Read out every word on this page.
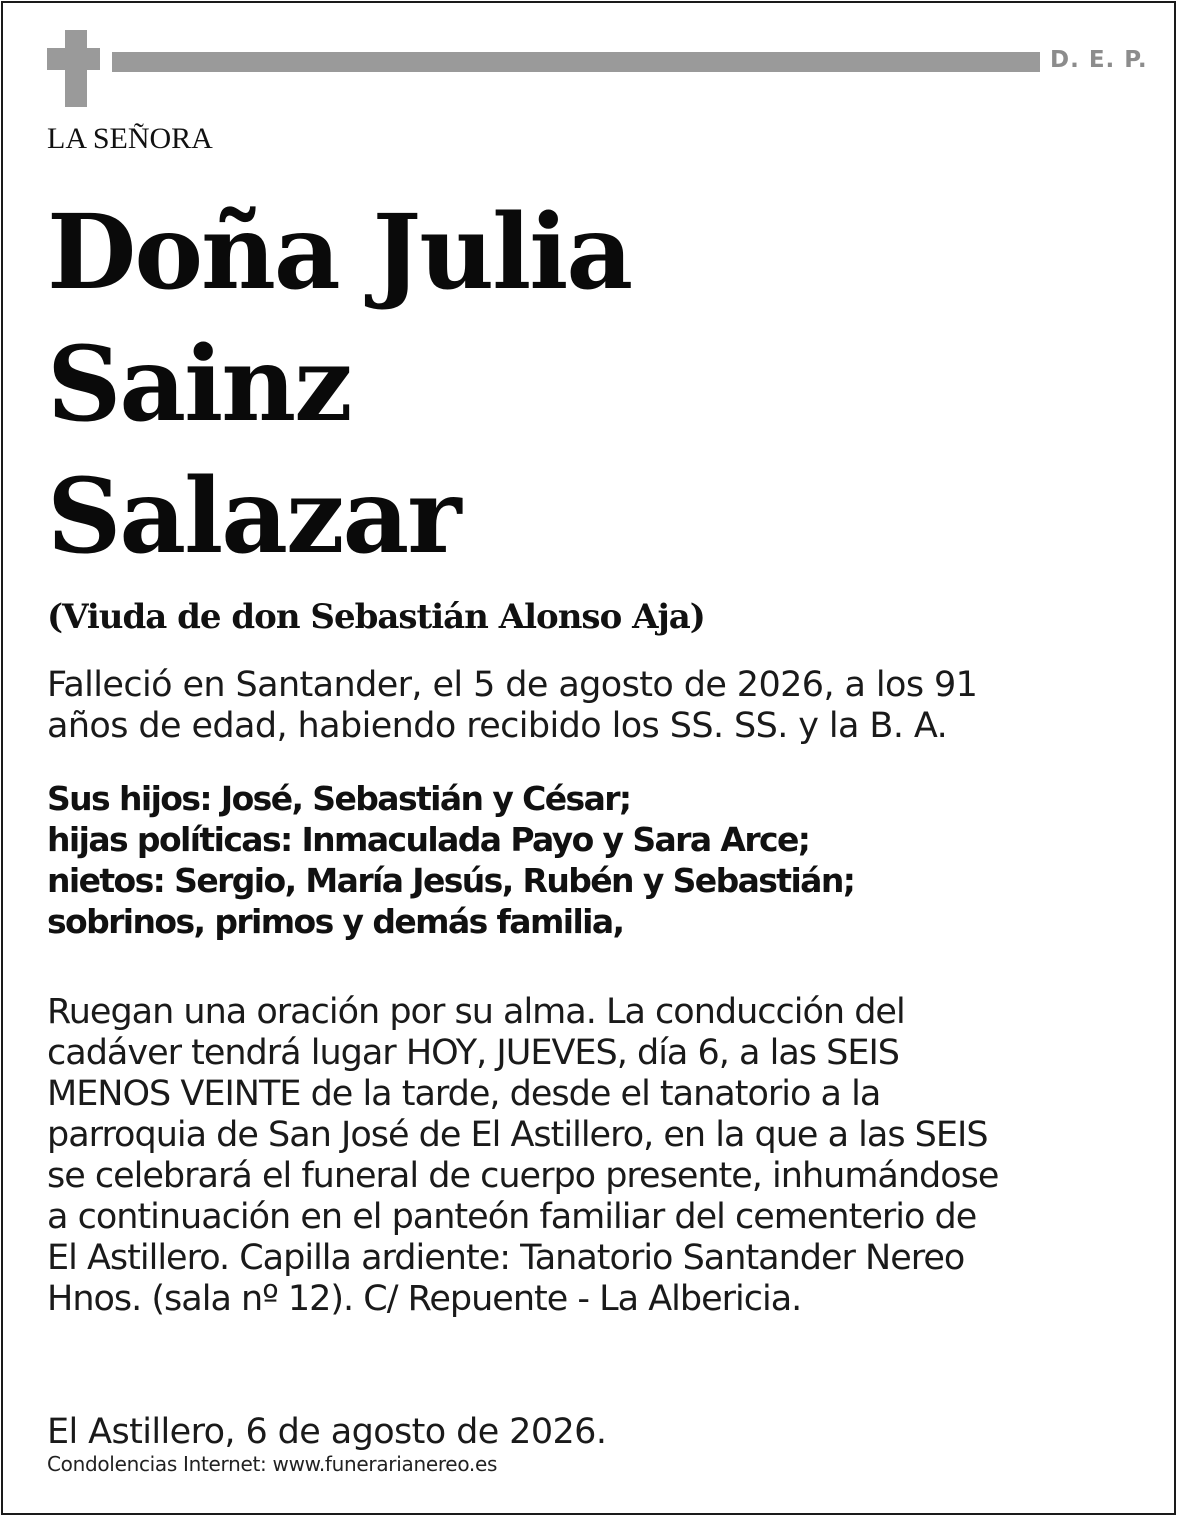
D. E. P.
LA SEÑORA
Doña Julia
Sainz
Salazar
(Viuda de don Sebastián Alonso Aja)
Falleció en Santander, el 5 de agosto de 2026, a los 91
años de edad, habiendo recibido los SS. SS. y la B. A.
Sus hijos: José, Sebastián y César;
hijas políticas: Inmaculada Payo y Sara Arce;
nietos: Sergio, María Jesús, Rubén y Sebastián;
sobrinos, primos y demás familia,
Ruegan una oración por su alma. La conducción del
cadáver tendrá lugar HOY, JUEVES, día 6, a las SEIS
MENOS VEINTE de la tarde, desde el tanatorio a la
parroquia de San José de El Astillero, en la que a las SEIS
se celebrará el funeral de cuerpo presente, inhumándose
a continuación en el panteón familiar del cementerio de
El Astillero. Capilla ardiente: Tanatorio Santander Nereo
Hnos. (sala nº 12). C/ Repuente - La Albericia.
El Astillero, 6 de agosto de 2026.
Condolencias Internet: www.funerarianereo.es
